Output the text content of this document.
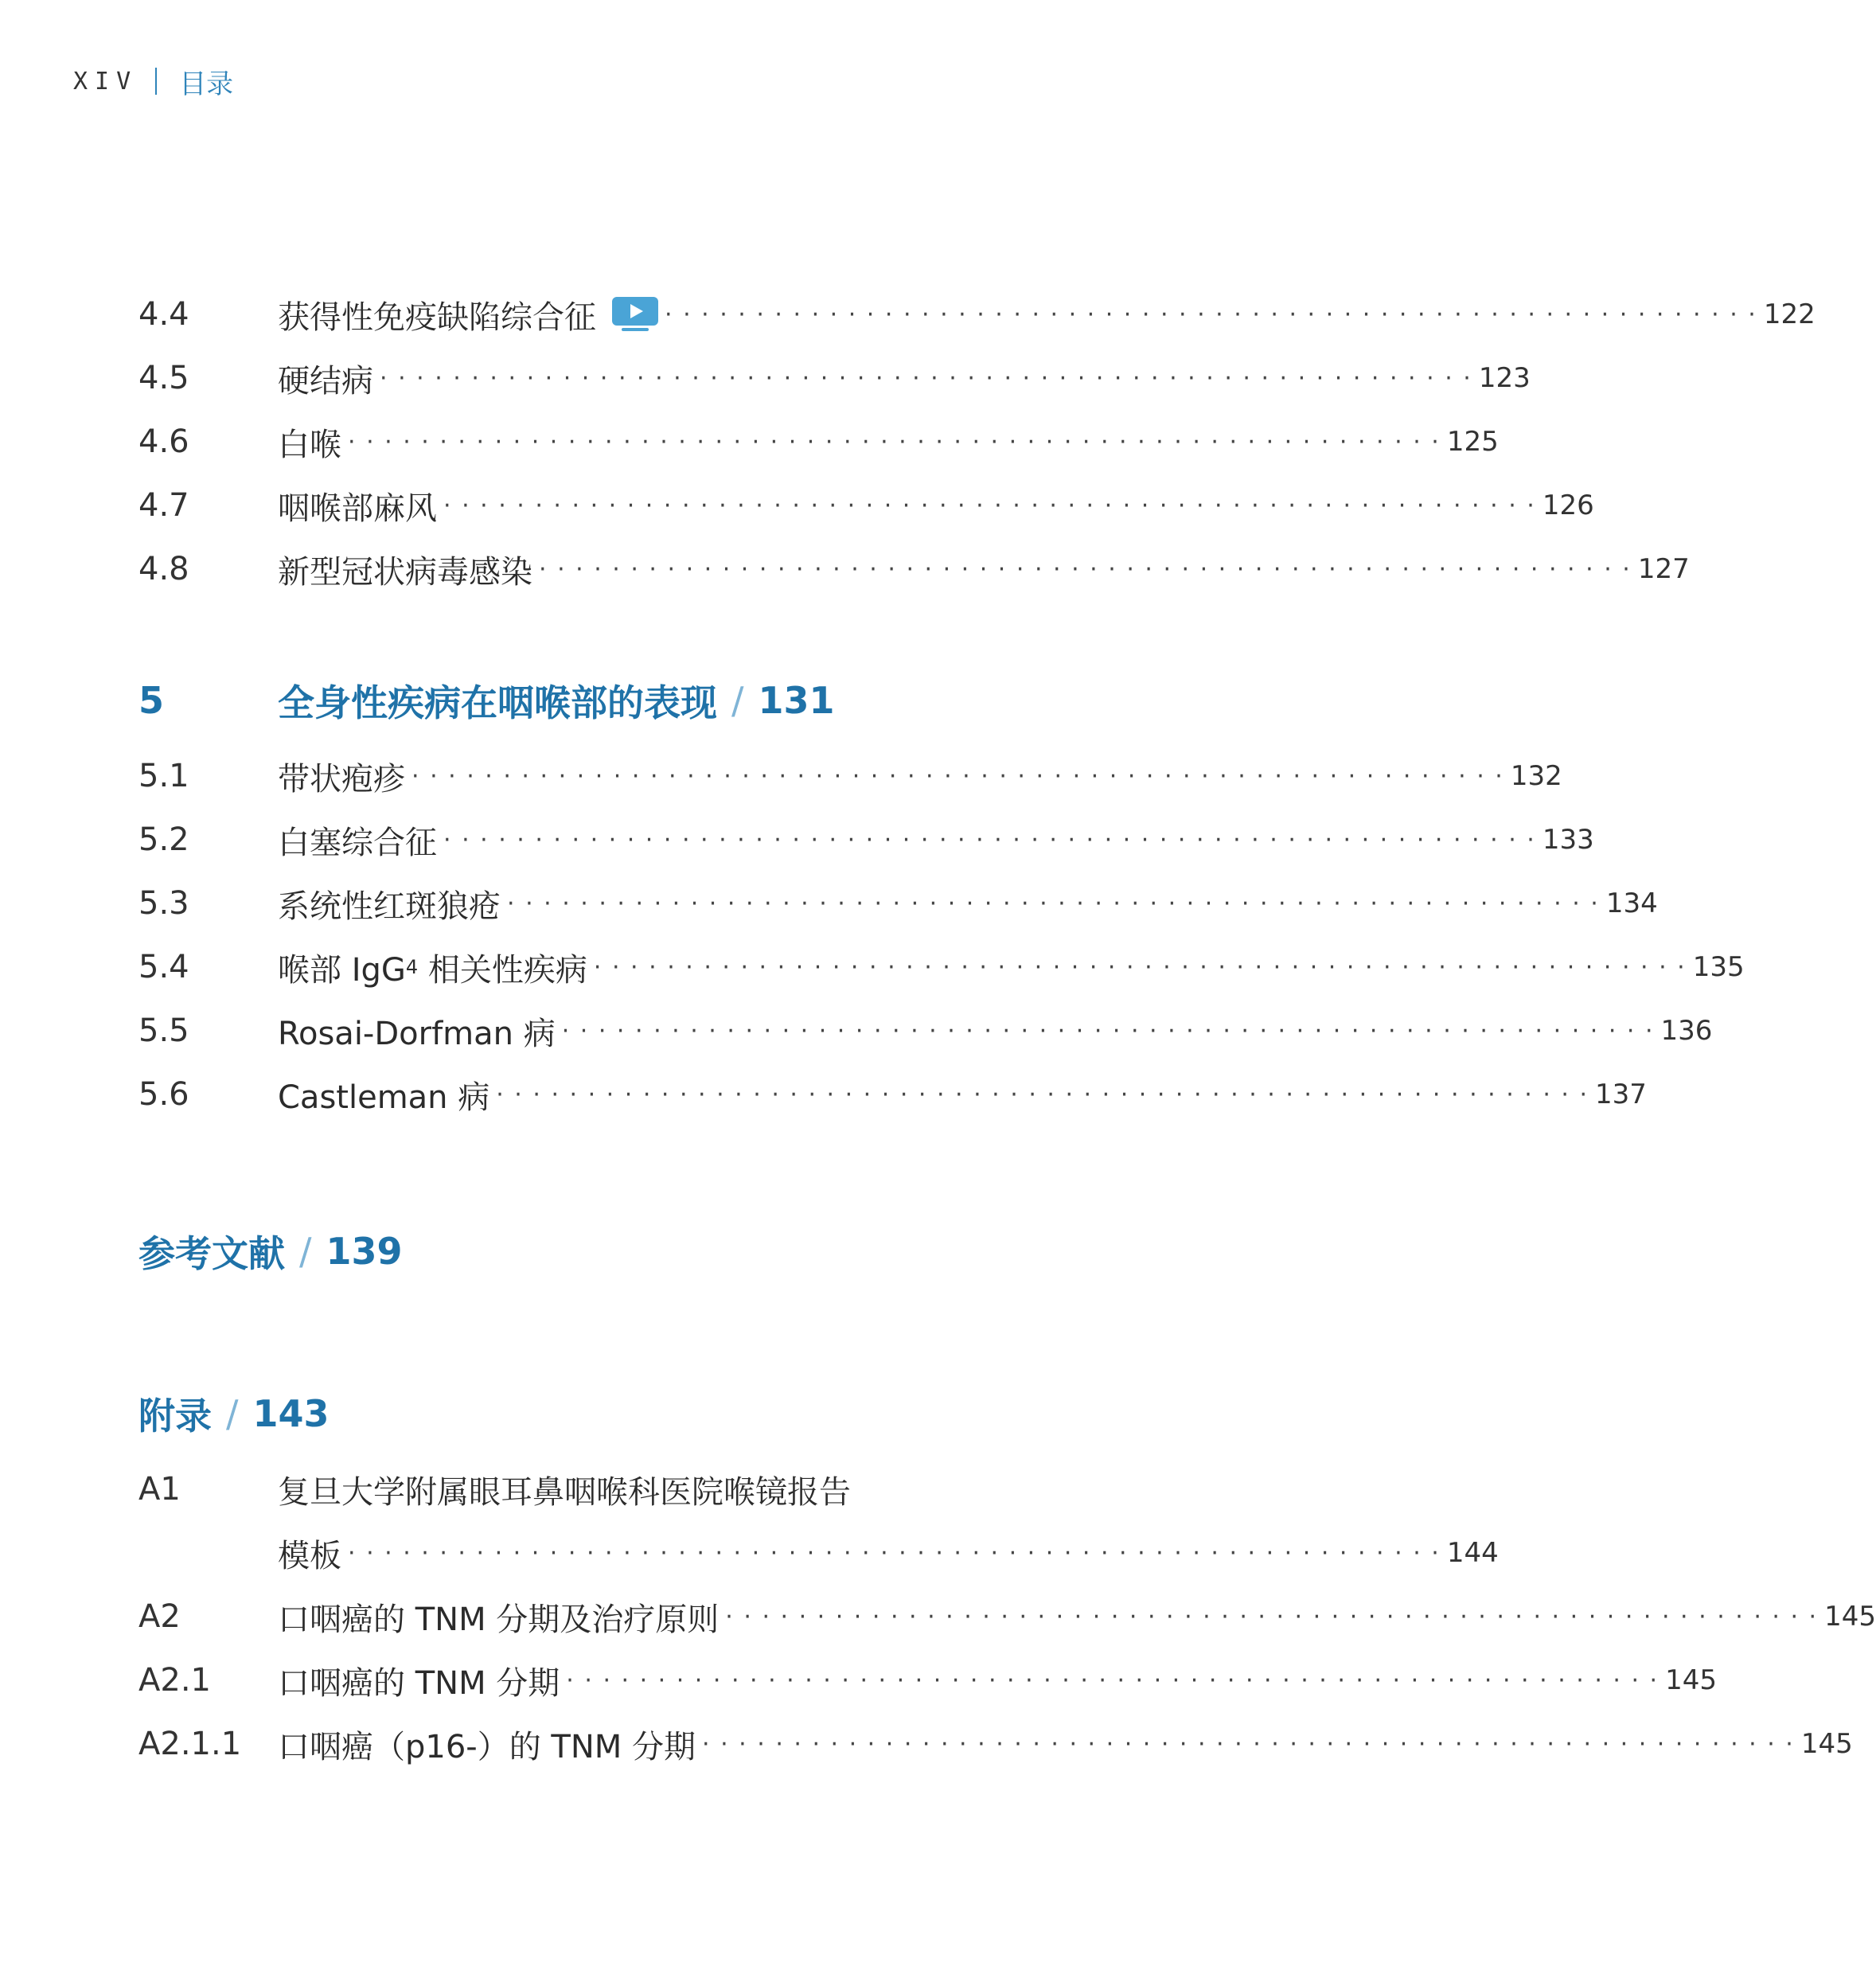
XIV 目录
4.4	获得性免疫缺陷综合征	· · · · · · · · · · · · · · · · · · · · · · · · · · · · · · · · · · · · · · · · · · · · · · · · · · · · · · · · · · · · 122
4.5	硬结病 · · · · · · · · · · · · · · · · · · · · · · · · · · · · · · · · · · · · · · · · · · · · · · · · · · · · · · · · · · · · 123
4.6	白喉 · · · · · · · · · · · · · · · · · · · · · · · · · · · · · · · · · · · · · · · · · · · · · · · · · · · · · · · · · · · · 125
4.7	咽喉部麻风 · · · · · · · · · · · · · · · · · · · · · · · · · · · · · · · · · · · · · · · · · · · · · · · · · · · · · · · · · · · · 126
4.8	新型冠状病毒感染 · · · · · · · · · · · · · · · · · · · · · · · · · · · · · · · · · · · · · · · · · · · · · · · · · · · · · · · · · · · · 127
5	全身性疾病在咽喉部的表现 / 131
5.1	带状疱疹 · · · · · · · · · · · · · · · · · · · · · · · · · · · · · · · · · · · · · · · · · · · · · · · · · · · · · · · · · · · · 132
5.2	白塞综合征 · · · · · · · · · · · · · · · · · · · · · · · · · · · · · · · · · · · · · · · · · · · · · · · · · · · · · · · · · · · · 133
5.3	系统性红斑狼疮 · · · · · · · · · · · · · · · · · · · · · · · · · · · · · · · · · · · · · · · · · · · · · · · · · · · · · · · · · · · · 134
5.4	喉部 IgG 4 相关性疾病 · · · · · · · · · · · · · · · · · · · · · · · · · · · · · · · · · · · · · · · · · · · · · · · · · · · · · · · · · · · · 135
5.5	Rosai-Dorfman 病 · · · · · · · · · · · · · · · · · · · · · · · · · · · · · · · · · · · · · · · · · · · · · · · · · · · · · · · · · · · · 136
5.6	Castleman 病 · · · · · · · · · · · · · · · · · · · · · · · · · · · · · · · · · · · · · · · · · · · · · · · · · · · · · · · · · · · · 137
参考文献 / 139
附录 / 143
A1	复旦大学附属眼耳鼻咽喉科医院喉镜报告
模板 · · · · · · · · · · · · · · · · · · · · · · · · · · · · · · · · · · · · · · · · · · · · · · · · · · · · · · · · · · · · 144
A2	口咽癌的 TNM 分期及治疗原则 · · · · · · · · · · · · · · · · · · · · · · · · · · · · · · · · · · · · · · · · · · · · · · · · · · · · · · · · · · · · 145
A2.1	口咽癌的 TNM 分期 · · · · · · · · · · · · · · · · · · · · · · · · · · · · · · · · · · · · · · · · · · · · · · · · · · · · · · · · · · · · 145
A2.1.1	口咽癌（p16-）的 TNM 分期 · · · · · · · · · · · · · · · · · · · · · · · · · · · · · · · · · · · · · · · · · · · · · · · · · · · · · · · · · · · · 145
